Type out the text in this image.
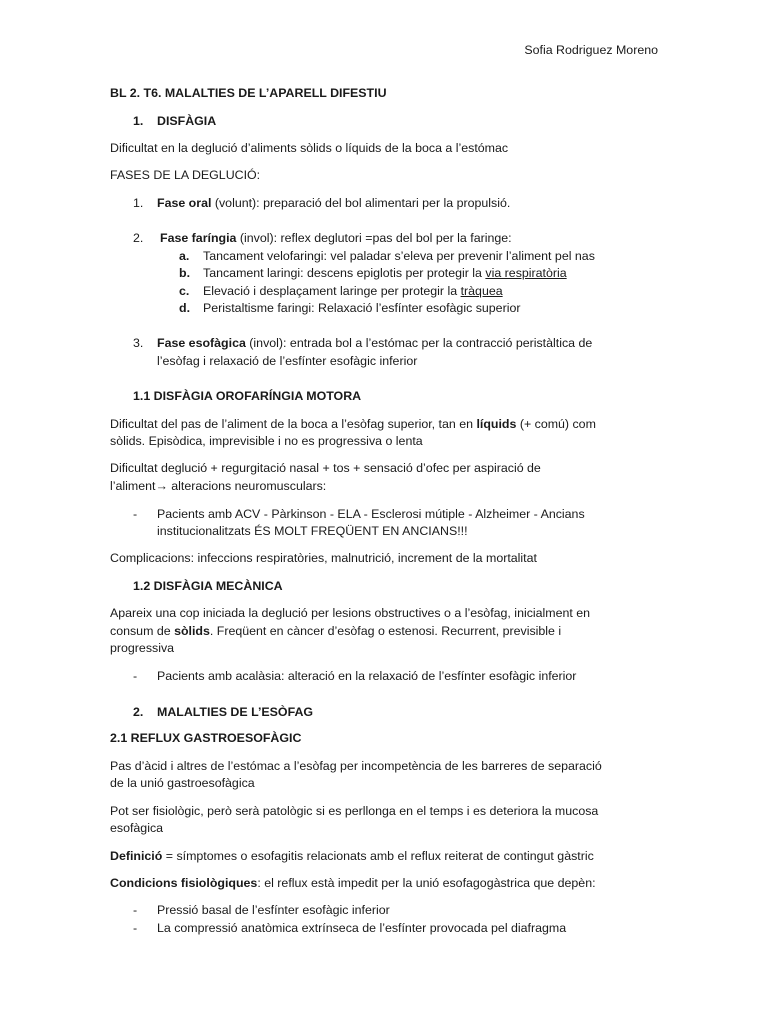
Sofia Rodriguez Moreno
BL 2. T6. MALALTIES DE L’APARELL DIFESTIU
1. DISFÀGIA
Dificultat en la deglució d’aliments sòlids o líquids de la boca a l’estómac
FASES DE LA DEGLUCIÓ:
1. Fase oral (volunt): preparació del bol alimentari per la propulsió.
2. Fase faríngia (invol): reflex deglutori =pas del bol per la faringe:
a. Tancament velofaringi: vel paladar s’eleva per prevenir l’aliment pel nas
b. Tancament laringi: descens epiglotis per protegir la via respiratòria
c. Elevació i desplaçament laringe per protegir la tràquea
d. Peristaltisme faringi: Relaxació l’esfínter esofàgic superior
3. Fase esofàgica (invol): entrada bol a l’estómac per la contracció peristàltica de
l’esòfag i relaxació de l’esfínter esofàgic inferior
1.1 DISFÀGIA OROFARÍNGIA MOTORA
Dificultat del pas de l’aliment de la boca a l’esòfag superior, tan en líquids (+ comú) com
sòlids. Episòdica, imprevisible i no es progressiva o lenta
Dificultat deglució + regurgitació nasal + tos + sensació d’ofec per aspiració de
l’aliment→ alteracions neuromusculars:
- Pacients amb ACV - Pàrkinson - ELA - Esclerosi mútiple - Alzheimer - Ancians
institucionalitzats ÉS MOLT FREQÜENT EN ANCIANS!!!
Complicacions: infeccions respiratòries, malnutrició, increment de la mortalitat
1.2 DISFÀGIA MECÀNICA
Apareix una cop iniciada la deglució per lesions obstructives o a l’esòfag, inicialment en
consum de sòlids. Freqüent en càncer d’esòfag o estenosi. Recurrent, previsible i
progressiva
- Pacients amb acalàsia: alteració en la relaxació de l’esfínter esofàgic inferior
2. MALALTIES DE L’ESÒFAG
2.1 REFLUX GASTROESOFÀGIC
Pas d’àcid i altres de l’estómac a l’esòfag per incompetència de les barreres de separació
de la unió gastroesofàgica
Pot ser fisiològic, però serà patològic si es perllonga en el temps i es deteriora la mucosa
esofàgica
Definició = símptomes o esofagitis relacionats amb el reflux reiterat de contingut gàstric
Condicions fisiològiques: el reflux està impedit per la unió esofagogàstrica que depèn:
- Pressió basal de l’esfínter esofàgic inferior
- La compressió anatòmica extrínseca de l’esfínter provocada pel diafragma
